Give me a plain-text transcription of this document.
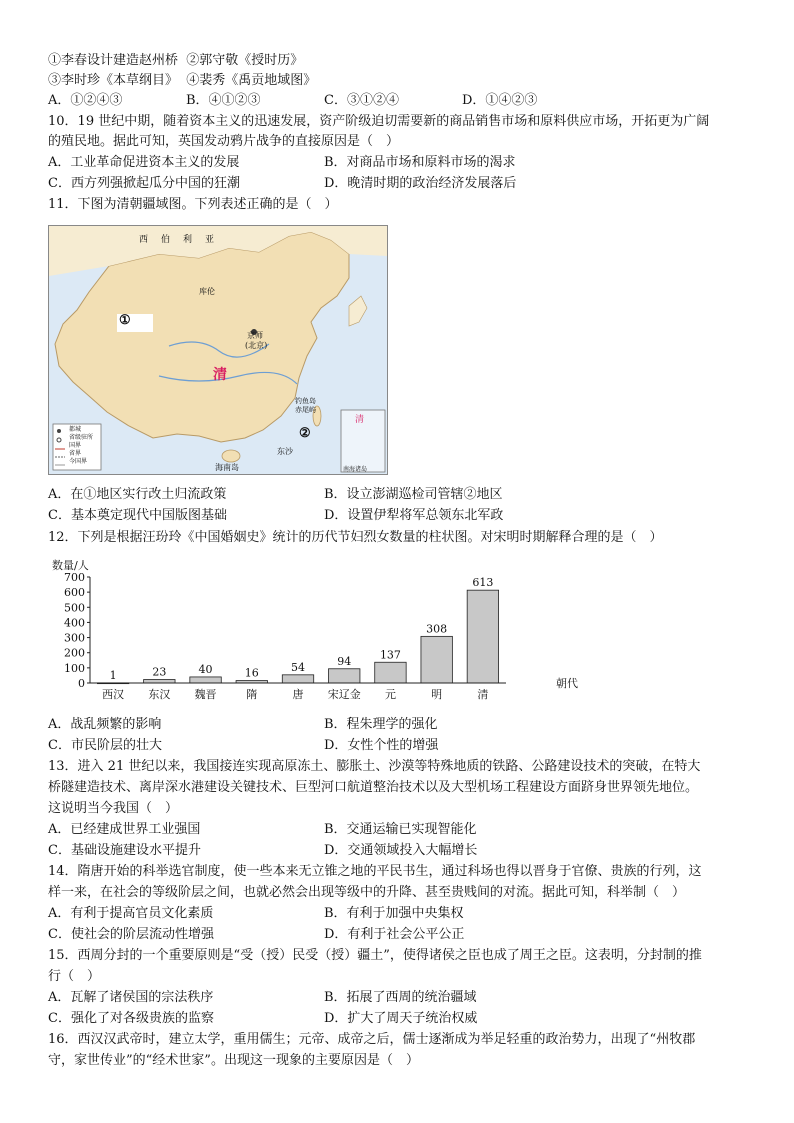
①李春设计建造赵州桥 ②郭守敬《授时历》
③李时珍《本草纲目》 ④裴秀《禹贡地域图》
A．①②④③	B．④①②③	C．③①②④	D．①④②③
10．19 世纪中期，随着资本主义的迅速发展，资产阶级迫切需要新的商品销售市场和原料供应市场，开拓更为广阔
的殖民地。据此可知，英国发动鸦片战争的直接原因是（　）
A．工业革命促进资本主义的发展	B．对商品市场和原料市场的渴求
C．西方列强掀起瓜分中国的狂潮	D．晚清时期的政治经济发展落后
11．下图为清朝疆域图。下列表述正确的是（　）
西　伯　利　亚
库伦
京师
(北京)
清
清
①
②
东沙
海南岛
钓鱼岛
赤尾屿
南海诸岛
都城
省级驻所
国界
省界
今国界
A．在①地区实行改土归流政策	B．设立澎湖巡检司管辖②地区
C．基本奠定现代中国版图基础	D．设置伊犁将军总领东北军政
12．下列是根据汪玢玲《中国婚姻史》统计的历代节妇烈女数量的柱状图。对宋明时期解释合理的是（　）
数量/人
朝代
0
100
200
300
400
500
600
700
1
西汉
23
东汉
40
魏晋
16
隋
54
唐
94
宋辽金
137
元
308
明
613
清
A．战乱频繁的影响	B．程朱理学的强化
C．市民阶层的壮大	D．女性个性的增强
13．进入 21 世纪以来，我国接连实现高原冻土、膨胀土、沙漠等特殊地质的铁路、公路建设技术的突破，在特大
桥隧建造技术、离岸深水港建设关键技术、巨型河口航道整治技术以及大型机场工程建设方面跻身世界领先地位。
这说明当今我国（　）
A．已经建成世界工业强国	B．交通运输已实现智能化
C．基础设施建设水平提升	D．交通领域投入大幅增长
14．隋唐开始的科举选官制度，使一些本来无立锥之地的平民书生，通过科场也得以晋身于官僚、贵族的行列，这
样一来，在社会的等级阶层之间，也就必然会出现等级中的升降、甚至贵贱间的对流。据此可知，科举制（　）
A．有利于提高官员文化素质	B．有利于加强中央集权
C．使社会的阶层流动性增强	D．有利于社会公平公正
15．西周分封的一个重要原则是“受（授）民受（授）疆土”，使得诸侯之臣也成了周王之臣。这表明，分封制的推
行（　）
A．瓦解了诸侯国的宗法秩序	B．拓展了西周的统治疆域
C．强化了对各级贵族的监察	D．扩大了周天子统治权威
16．西汉汉武帝时，建立太学，重用儒生；元帝、成帝之后，儒士逐渐成为举足轻重的政治势力，出现了“州牧郡
守，家世传业”的“经术世家”。出现这一现象的主要原因是（　）
